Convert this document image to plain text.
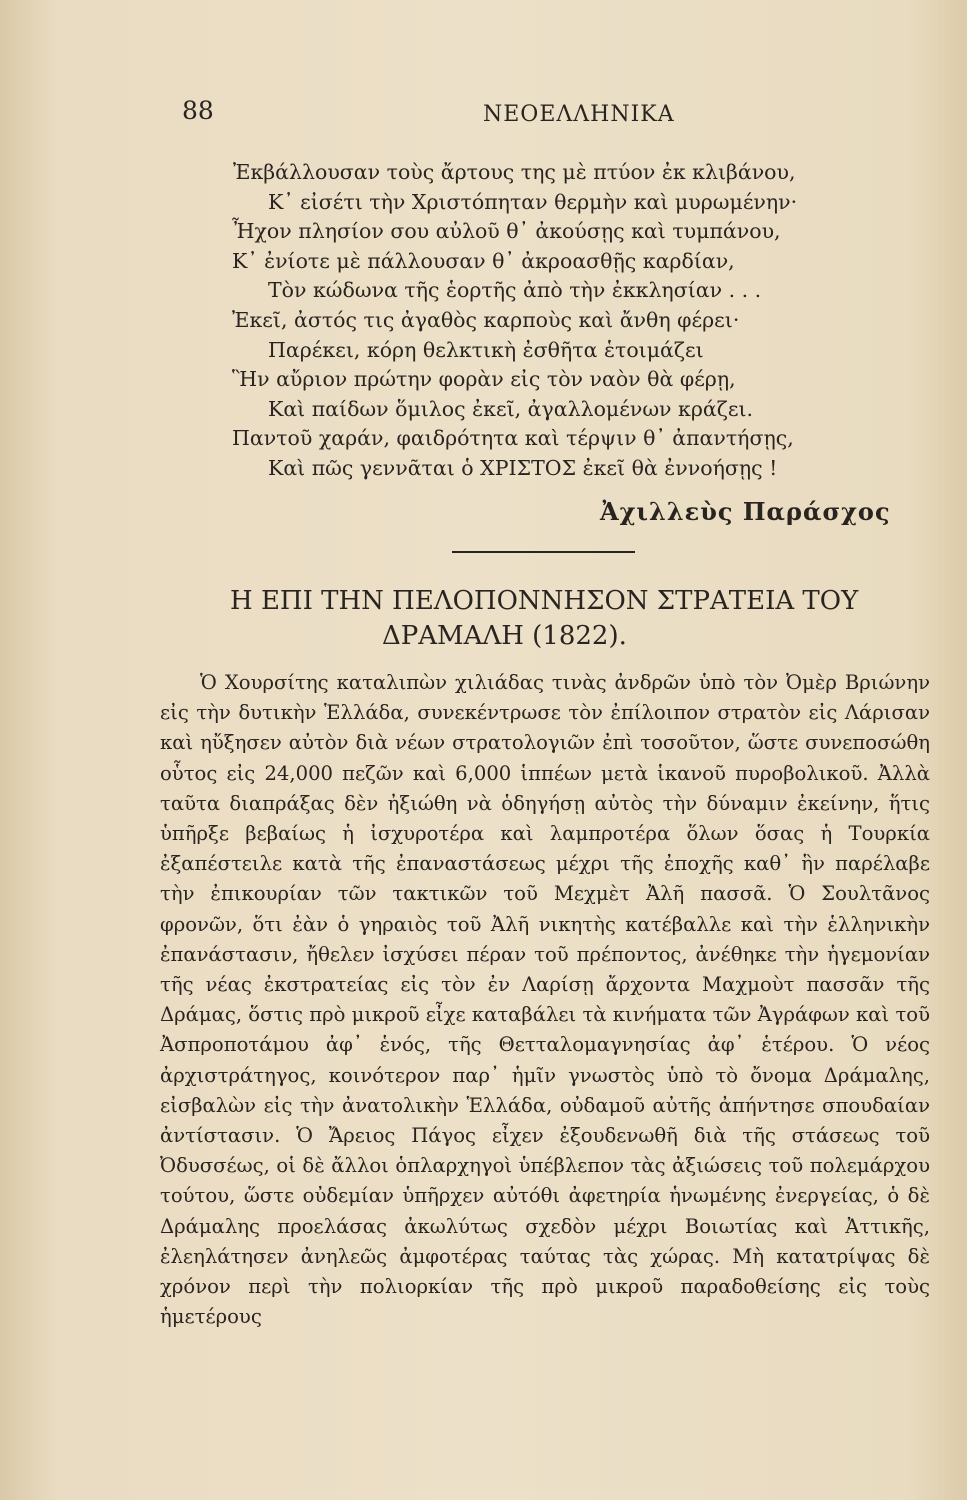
88	ΝΕΟΕΛΛΗΝΙΚΑ
Ἐκβάλλουσαν τοὺς ἄρτους της μὲ πτύον ἐκ κλιβάνου,
Κ᾿ εἰσέτι τὴν Χριστόπηταν θερμὴν καὶ μυρωμένην·
Ἦχον πλησίον σου αὐλοῦ θ᾿ ἀκούσῃς καὶ τυμπάνου,
Κ᾿ ἐνίοτε μὲ πάλλουσαν θ᾿ ἀκροασθῇς καρδίαν,
Τὸν κώδωνα τῆς ἑορτῆς ἀπὸ τὴν ἐκκλησίαν . . .
Ἐκεῖ, ἀστός τις ἀγαθὸς καρποὺς καὶ ἄνθη φέρει·
Παρέκει, κόρη θελκτικὴ ἐσθῆτα ἑτοιμάζει
Ἣν αὔριον πρώτην φορὰν εἰς τὸν ναὸν θὰ φέρῃ,
Καὶ παίδων ὅμιλος ἐκεῖ, ἀγαλλομένων κράζει.
Παντοῦ χαράν, φαιδρότητα καὶ τέρψιν θ᾿ ἀπαντήσῃς,
Καὶ πῶς γεννᾶται ὁ ΧΡΙΣΤΟΣ ἐκεῖ θὰ ἐννοήσῃς !
Ἀχιλλεὺς Παράσχος
Η ΕΠΙ ΤΗΝ ΠΕΛΟΠΟΝΝΗΣΟΝ ΣΤΡΑΤΕΙΑ ΤΟΥ
ΔΡΑΜΑΛΗ (1822).
Ὁ Χουρσίτης καταλιπὼν χιλιάδας τινὰς ἀνδρῶν ὑπὸ τὸν Ὀμὲρ Βριώνην εἰς τὴν δυτικὴν Ἑλλάδα, συνεκέντρωσε τὸν ἐπίλοιπον στρατὸν εἰς Λάρισαν καὶ ηὔξησεν αὐτὸν διὰ νέων στρατολογιῶν ἐπὶ τοσοῦτον, ὥστε συνεποσώθη οὗτος εἰς 24,000 πεζῶν καὶ 6,000 ἱππέων μετὰ ἱκανοῦ πυροβολικοῦ. Ἀλλὰ ταῦτα διαπράξας δὲν ἠξιώθη νὰ ὁδηγήσῃ αὐτὸς τὴν δύναμιν ἐκείνην, ἥτις ὑπῆρξε βεβαίως ἡ ἰσχυροτέρα καὶ λαμπροτέρα ὅλων ὅσας ἡ Τουρκία ἐξαπέστειλε κατὰ τῆς ἐπαναστάσεως μέχρι τῆς ἐποχῆς καθ᾿ ἣν παρέλαβε τὴν ἐπικουρίαν τῶν τακτικῶν τοῦ Μεχμὲτ Ἀλῆ πασσᾶ. Ὁ Σουλτᾶνος φρονῶν, ὅτι ἐὰν ὁ γηραιὸς τοῦ Ἀλῆ νικητὴς κατέβαλλε καὶ τὴν ἑλληνικὴν ἐπανάστασιν, ἤθελεν ἰσχύσει πέραν τοῦ πρέποντος, ἀνέθηκε τὴν ἡγεμονίαν τῆς νέας ἐκστρατείας εἰς τὸν ἐν Λαρίσῃ ἄρχοντα Μαχμοὺτ πασσᾶν τῆς Δράμας, ὅστις πρὸ μικροῦ εἶχε καταβάλει τὰ κινήματα τῶν Ἀγράφων καὶ τοῦ Ἀσπροποτάμου ἀφ᾿ ἑνός, τῆς Θετταλομαγνησίας ἀφ᾿ ἑτέρου. Ὁ νέος ἀρχιστράτηγος, κοινότερον παρ᾿ ἡμῖν γνωστὸς ὑπὸ τὸ ὄνομα Δράμαλης, εἰσβαλὼν εἰς τὴν ἀνατολικὴν Ἑλλάδα, οὐδαμοῦ αὐτῆς ἀπήντησε σπουδαίαν ἀντίστασιν. Ὁ Ἄρειος Πάγος εἶχεν ἐξουδενωθῆ διὰ τῆς στάσεως τοῦ Ὀδυσσέως, οἱ δὲ ἄλλοι ὁπλαρχηγοὶ ὑπέβλεπον τὰς ἀξιώσεις τοῦ πολεμάρχου τούτου, ὥστε οὐδεμίαν ὑπῆρχεν αὐτόθι ἀφετηρία ἡνωμένης ἐνεργείας, ὁ δὲ Δράμαλης προελάσας ἀκωλύτως σχεδὸν μέχρι Βοιωτίας καὶ Ἀττικῆς, ἐλεηλάτησεν ἀνηλεῶς ἀμφοτέρας ταύτας τὰς χώρας. Μὴ κατατρίψας δὲ χρόνον περὶ τὴν πολιορκίαν τῆς πρὸ μικροῦ παραδοθείσης εἰς τοὺς ἡμετέρους
